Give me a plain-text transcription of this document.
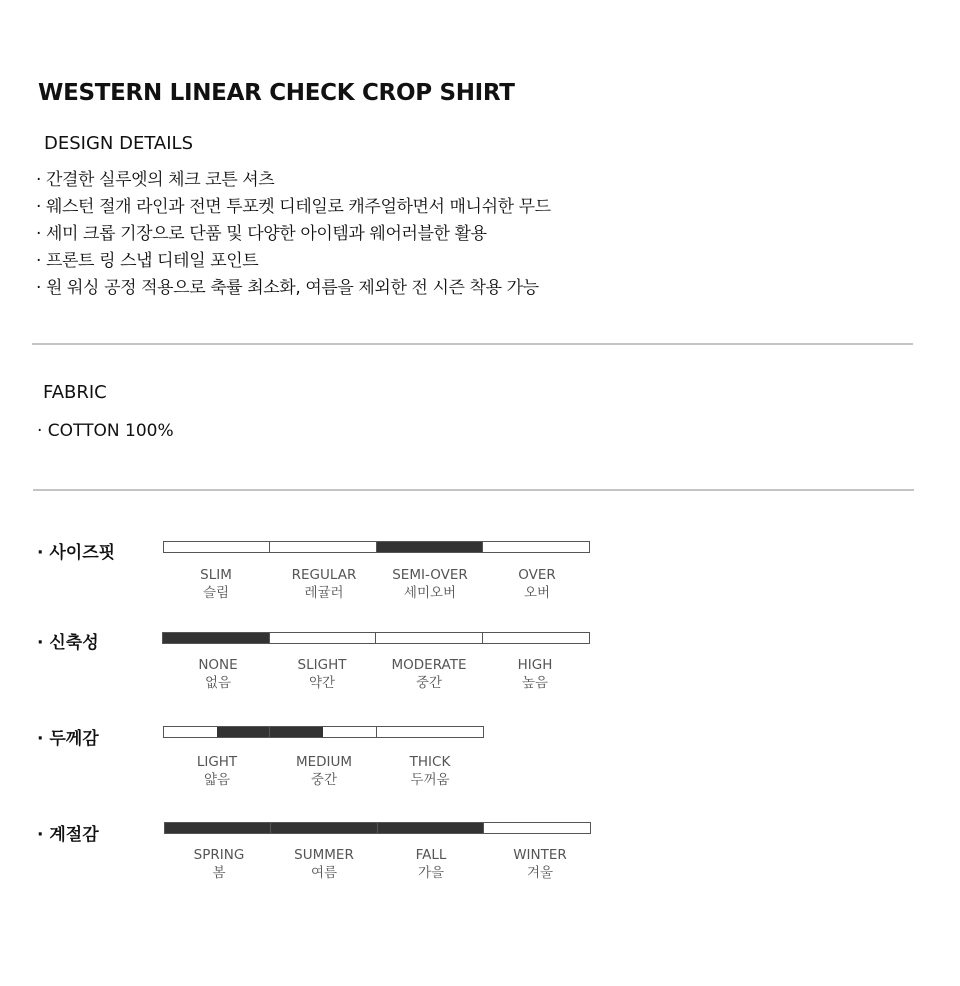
WESTERN LINEAR CHECK CROP SHIRT
DESIGN DETAILS
· 간결한 실루엣의 체크 코튼 셔츠
· 웨스턴 절개 라인과 전면 투포켓 디테일로 캐주얼하면서 매니쉬한 무드
· 세미 크롭 기장으로 단품 및 다양한 아이템과 웨어러블한 활용
· 프론트 링 스냅 디테일 포인트
· 원 워싱 공정 적용으로 축률 최소화, 여름을 제외한 전 시즌 착용 가능
FABRIC
· COTTON 100%
· 사이즈핏
SLIM
슬림
REGULAR
레귤러
SEMI-OVER
세미오버
OVER
오버
· 신축성
NONE
없음
SLIGHT
약간
MODERATE
중간
HIGH
높음
· 두께감
LIGHT
얇음
MEDIUM
중간
THICK
두꺼움
· 계절감
SPRING
봄
SUMMER
여름
FALL
가을
WINTER
겨울
